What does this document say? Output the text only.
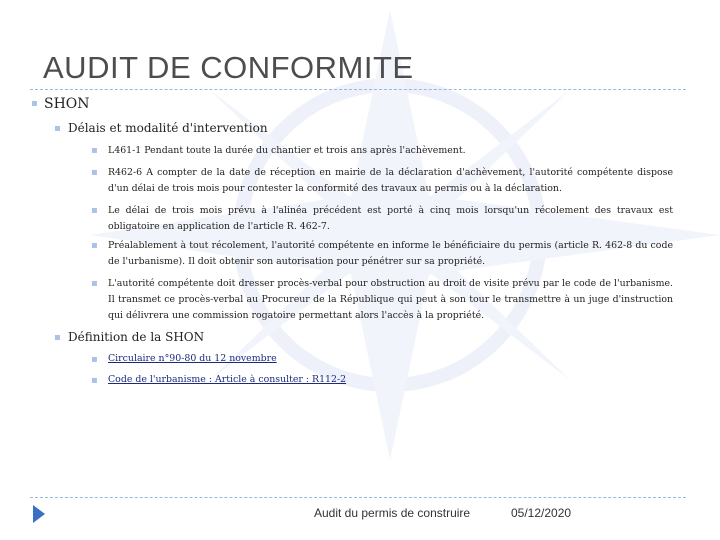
AUDIT DE CONFORMITE
▪ SHON
▪ Délais et modalité d'intervention
▪ L461-1 Pendant toute la durée du chantier et trois ans après l'achèvement.
▪ R462-6 A compter de la date de réception en mairie de la déclaration d'achèvement, l'autorité compétente dispose d'un délai de trois mois pour contester la conformité des travaux au permis ou à la déclaration.
▪ Le délai de trois mois prévu à l'alinéa précédent est porté à cinq mois lorsqu'un récolement des travaux est obligatoire en application de l'article R. 462-7.
▪ Préalablement à tout récolement, l'autorité compétente en informe le bénéficiaire du permis (article R. 462-8 du code de l'urbanisme). Il doit obtenir son autorisation pour pénétrer sur sa propriété.
▪ L'autorité compétente doit dresser procès-verbal pour obstruction au droit de visite prévu par le code de l'urbanisme. Il transmet ce procès-verbal au Procureur de la République qui peut à son tour le transmettre à un juge d'instruction qui délivrera une commission rogatoire permettant alors l'accès à la propriété.
▪ Définition de la SHON
▪ Circulaire n°90-80 du 12 novembre
▪ Code de l'urbanisme : Article à consulter : R112-2
Audit du permis de construire	05/12/2020
